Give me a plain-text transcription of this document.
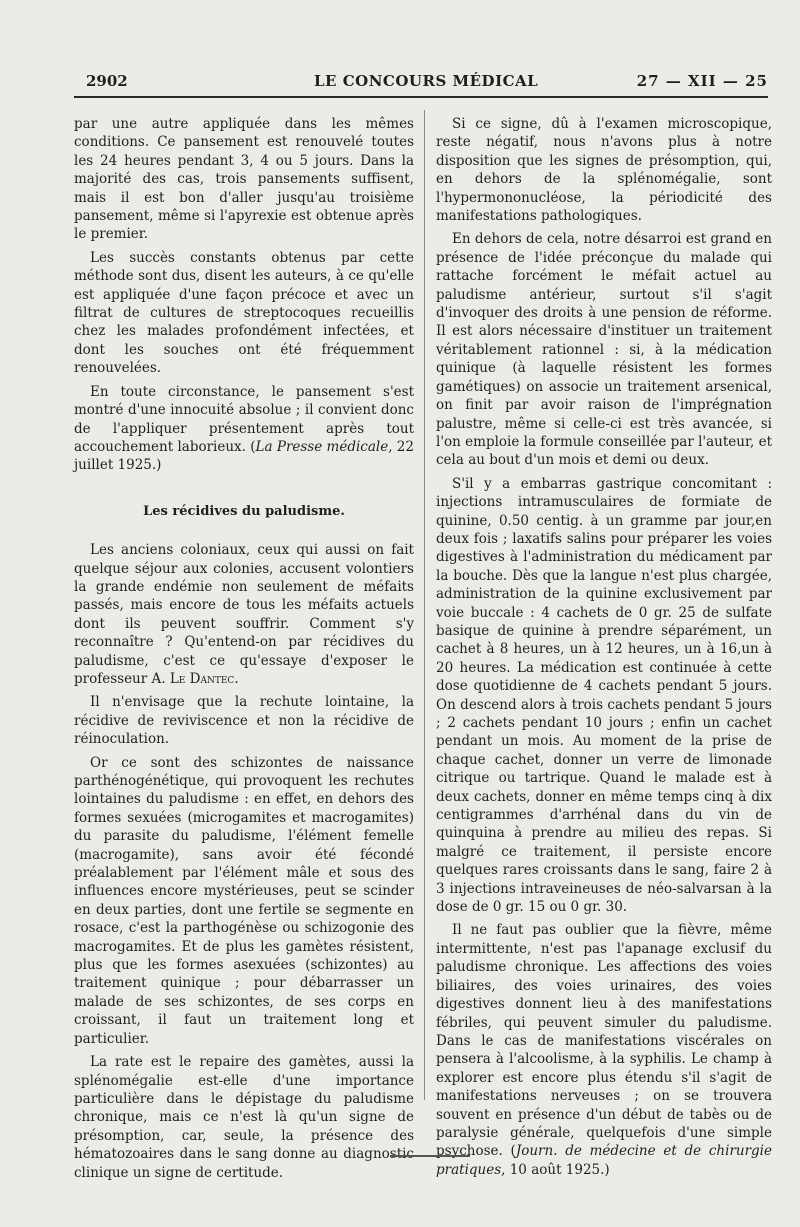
2902	LE CONCOURS MÉDICAL	27 — XII — 25

par une autre appliquée dans les mêmes conditions. Ce pansement est renouvelé toutes les 24 heures pendant 3, 4 ou 5 jours. Dans la majorité des cas, trois pansements suffisent, mais il est bon d'aller jusqu'au troisième pansement, même si l'apyrexie est obtenue après le premier.

Les succès constants obtenus par cette méthode sont dus, disent les auteurs, à ce qu'elle est appliquée d'une façon précoce et avec un filtrat de cultures de streptocoques recueillis chez les malades profondément infectées, et dont les souches ont été fréquemment renouvelées.

En toute circonstance, le pansement s'est montré d'une innocuité absolue ; il convient donc de l'appliquer présentement après tout accouchement laborieux. (La Presse médicale, 22 juillet 1925.)

Les récidives du paludisme.

Les anciens coloniaux, ceux qui aussi on fait quelque séjour aux colonies, accusent volontiers la grande endémie non seulement de méfaits passés, mais encore de tous les méfaits actuels dont ils peuvent souffrir. Comment s'y reconnaître ? Qu'entend-on par récidives du paludisme, c'est ce qu'essaye d'exposer le professeur A. Le Dantec.

Il n'envisage que la rechute lointaine, la récidive de reviviscence et non la récidive de réinoculation.

Or ce sont des schizontes de naissance parthénogénétique, qui provoquent les rechutes lointaines du paludisme : en effet, en dehors des formes sexuées (microgamites et macrogamites) du parasite du paludisme, l'élément femelle (macrogamite), sans avoir été fécondé préalablement par l'élément mâle et sous des influences encore mystérieuses, peut se scinder en deux parties, dont une fertile se segmente en rosace, c'est la parthogénèse ou schizogonie des macrogamites. Et de plus les gamètes résistent, plus que les formes asexuées (schizontes) au traitement quinique ; pour débarrasser un malade de ses schizontes, de ses corps en croissant, il faut un traitement long et particulier.

La rate est le repaire des gamètes, aussi la splénomégalie est-elle d'une importance particulière dans le dépistage du paludisme chronique, mais ce n'est là qu'un signe de présomption, car, seule, la présence des hématozoaires dans le sang donne au diagnostic clinique un signe de certitude.

Si ce signe, dû à l'examen microscopique, reste négatif, nous n'avons plus à notre disposition que les signes de présomption, qui, en dehors de la splénomégalie, sont l'hypermononucléose, la périodicité des manifestations pathologiques.

En dehors de cela, notre désarroi est grand en présence de l'idée préconçue du malade qui rattache forcément le méfait actuel au paludisme antérieur, surtout s'il s'agit d'invoquer des droits à une pension de réforme. Il est alors nécessaire d'instituer un traitement véritablement rationnel : si, à la médication quinique (à laquelle résistent les formes gamétiques) on associe un traitement arsenical, on finit par avoir raison de l'imprégnation palustre, même si celle-ci est très avancée, si l'on emploie la formule conseillée par l'auteur, et cela au bout d'un mois et demi ou deux.

S'il y a embarras gastrique concomitant : injections intramusculaires de formiate de quinine, 0.50 centig. à un gramme par jour,en deux fois ; laxatifs salins pour préparer les voies digestives à l'administration du médicament par la bouche. Dès que la langue n'est plus chargée, administration de la quinine exclusivement par voie buccale : 4 cachets de 0 gr. 25 de sulfate basique de quinine à prendre séparément, un cachet à 8 heures, un à 12 heures, un à 16,un à 20 heures. La médication est continuée à cette dose quotidienne de 4 cachets pendant 5 jours. On descend alors à trois cachets pendant 5 jours ; 2 cachets pendant 10 jours ; enfin un cachet pendant un mois. Au moment de la prise de chaque cachet, donner un verre de limonade citrique ou tartrique. Quand le malade est à deux cachets, donner en même temps cinq à dix centigrammes d'arrhénal dans du vin de quinquina à prendre au milieu des repas. Si malgré ce traitement, il persiste encore quelques rares croissants dans le sang, faire 2 à 3 injections intraveineuses de néo-salvarsan à la dose de 0 gr. 15 ou 0 gr. 30.

Il ne faut pas oublier que la fièvre, même intermittente, n'est pas l'apanage exclusif du paludisme chronique. Les affections des voies biliaires, des voies urinaires, des voies digestives donnent lieu à des manifestations fébriles, qui peuvent simuler du paludisme. Dans le cas de manifestations viscérales on pensera à l'alcoolisme, à la syphilis. Le champ à explorer est encore plus étendu s'il s'agit de manifestations nerveuses ; on se trouvera souvent en présence d'un début de tabès ou de paralysie générale, quelquefois d'une simple psychose. (Journ. de médecine et de chirurgie pratiques, 10 août 1925.)
